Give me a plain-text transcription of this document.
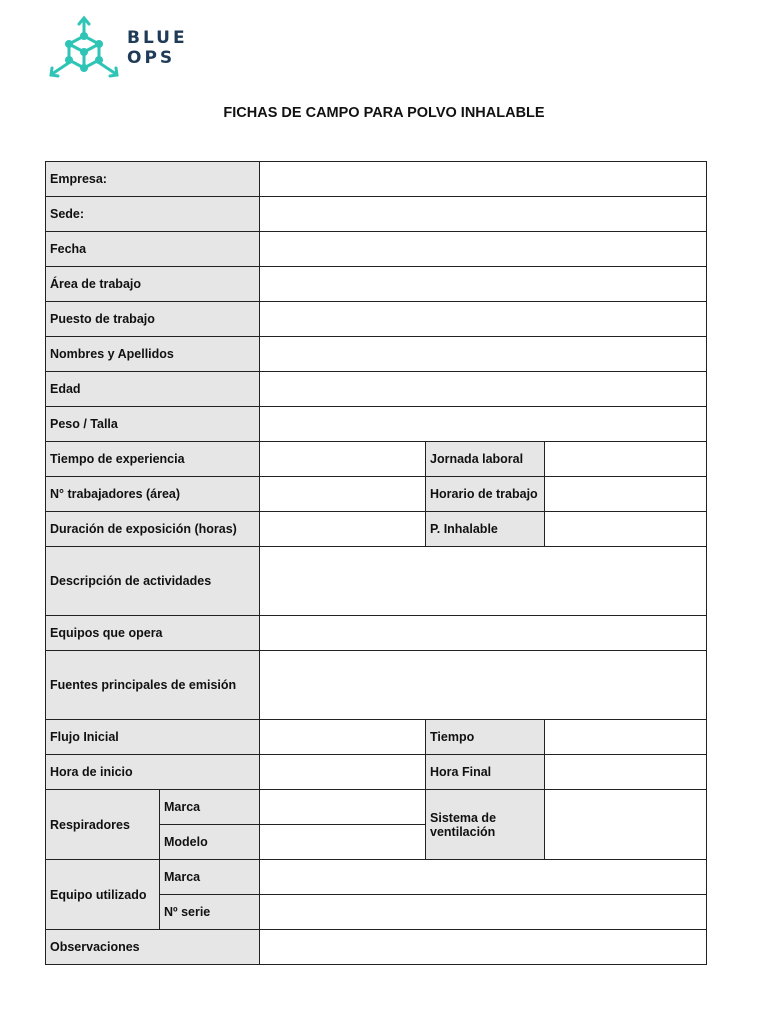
BLUE
OPS
FICHAS DE CAMPO PARA POLVO INHALABLE
Empresa:				
Sede:				
Fecha				
Área de trabajo				
Puesto de trabajo				
Nombres y Apellidos				
Edad				
Peso / Talla				
Tiempo de experiencia			Jornada laboral	
N° trabajadores (área)			Horario de trabajo	
Duración de exposición (horas)			P. Inhalable	
Descripción de actividades				
Equipos que opera				
Fuentes principales de emisión				
Flujo Inicial			Tiempo	
Hora de inicio			Hora Final	
Respiradores	Marca		Sistema de ventilación	
	Modelo			
Equipo utilizado	Marca			
	Nº serie			
Observaciones				
